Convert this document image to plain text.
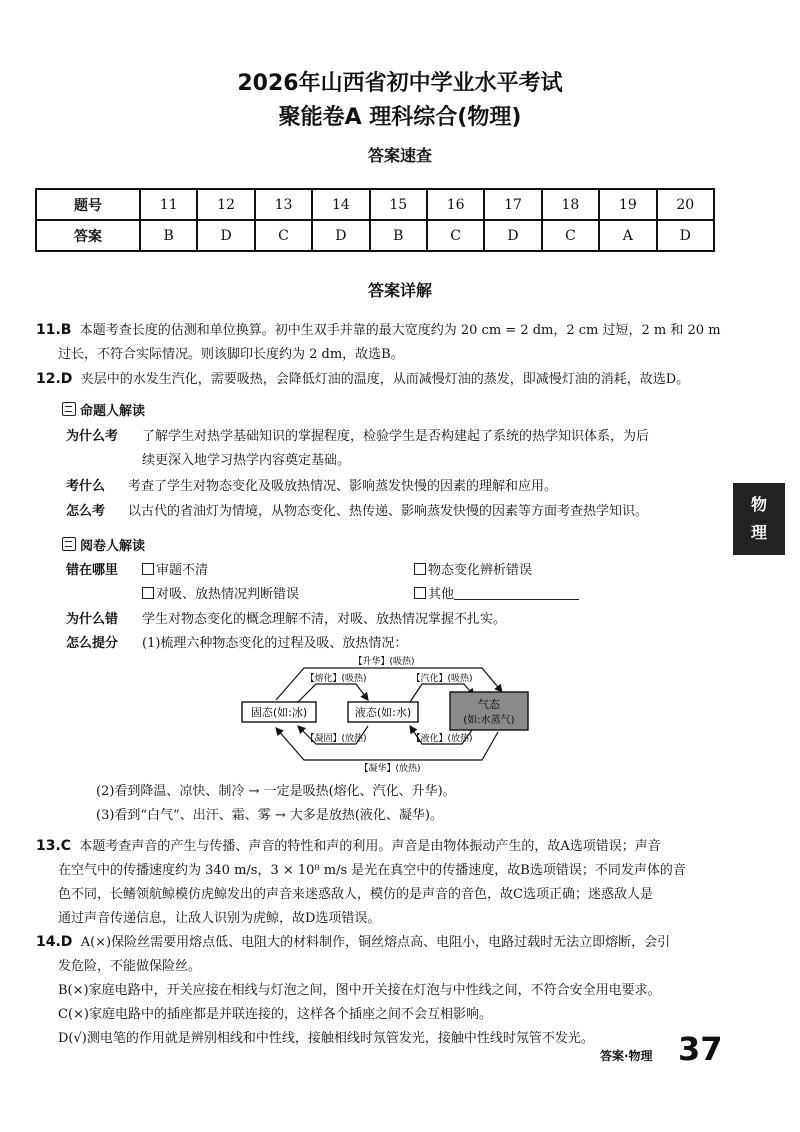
2026年山西省初中学业水平考试
聚能卷A 理科综合(物理)
答案速查
题号	11	12	13	14	15	16	17	18	19	20
答案	B	D	C	D	B	C	D	C	A	D
答案详解
11.B 本题考查长度的估测和单位换算。初中生双手并靠的最大宽度约为 20 cm = 2 dm，2 cm 过短，2 m 和 20 m
过长，不符合实际情况。则该脚印长度约为 2 dm，故选B。
12.D 夹层中的水发生汽化，需要吸热，会降低灯油的温度，从而减慢灯油的蒸发，即减慢灯油的消耗，故选D。
命题人解读
为什么考 了解学生对热学基础知识的掌握程度，检验学生是否构建起了系统的热学知识体系，为后
续更深入地学习热学内容奠定基础。
考什么 考查了学生对物态变化及吸放热情况、影响蒸发快慢的因素的理解和应用。
怎么考 以古代的省油灯为情境，从物态变化、热传递、影响蒸发快慢的因素等方面考查热学知识。
阅卷人解读
错在哪里	审题不清	物态变化辨析错误
对吸、放热情况判断错误	其他
为什么错 学生对物态变化的概念理解不清，对吸、放热情况掌握不扎实。
怎么提分 (1)梳理六种物态变化的过程及吸、放热情况：
固态(如:冰)	液态(如:水)
气态
(如:水蒸气)
【升华】(吸热)
【熔化】(吸热)	【汽化】(吸热)
【凝固】(放热)	【液化】(放热)
【凝华】(放热)
(2)看到降温、凉快、制冷 → 一定是吸热(熔化、汽化、升华)。
(3)看到“白气”、出汗、霜、雾 → 大多是放热(液化、凝华)。
13.C 本题考查声音的产生与传播、声音的特性和声的利用。声音是由物体振动产生的，故A选项错误；声音
在空气中的传播速度约为 340 m/s，3 × 10⁸ m/s 是光在真空中的传播速度，故B选项错误；不同发声体的音
色不同，长鳍领航鲸模仿虎鲸发出的声音来迷惑敌人，模仿的是声音的音色，故C选项正确；迷惑敌人是
通过声音传递信息，让敌人识别为虎鲸，故D选项错误。
14.D A(×)保险丝需要用熔点低、电阻大的材料制作，铜丝熔点高、电阻小，电路过载时无法立即熔断，会引
发危险，不能做保险丝。
B(×)家庭电路中，开关应接在相线与灯泡之间，图中开关接在灯泡与中性线之间，不符合安全用电要求。
C(×)家庭电路中的插座都是并联连接的，这样各个插座之间不会互相影响。
D(√)测电笔的作用就是辨别相线和中性线，接触相线时氖管发光，接触中性线时氖管不发光。
物
理
答案·物理 37
